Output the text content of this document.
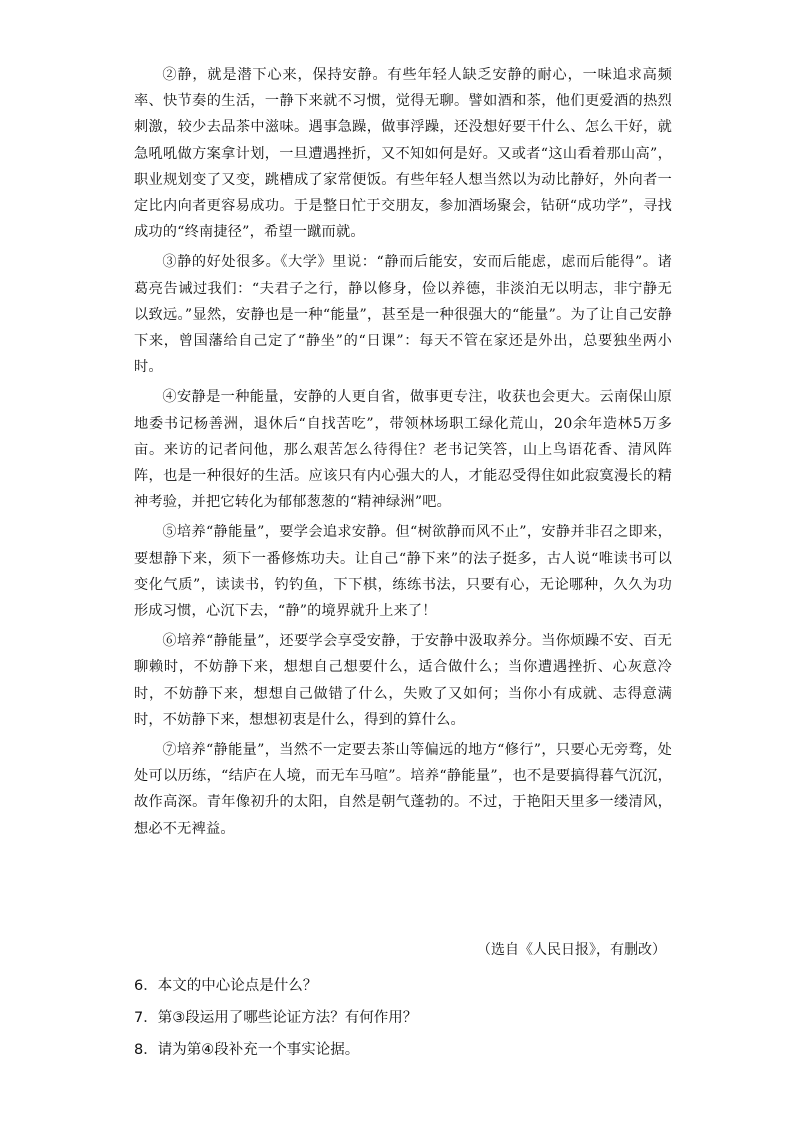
②静，就是潜下心来，保持安静。有些年轻人缺乏安静的耐心，一味追求高频率、快节奏的生活，一静下来就不习惯，觉得无聊。譬如酒和茶，他们更爱酒的热烈刺激，较少去品茶中滋味。遇事急躁，做事浮躁，还没想好要干什么、怎么干好，就急吼吼做方案拿计划，一旦遭遇挫折，又不知如何是好。又或者“这山看着那山高”，职业规划变了又变，跳槽成了家常便饭。有些年轻人想当然以为动比静好，外向者一定比内向者更容易成功。于是整日忙于交朋友，参加酒场聚会，钻研“成功学”，寻找成功的“终南捷径”，希望一蹴而就。

③静的好处很多。《大学》里说：“静而后能安，安而后能虑，虑而后能得”。诸葛亮告诫过我们：“夫君子之行，静以修身，俭以养德，非淡泊无以明志，非宁静无以致远。”显然，安静也是一种“能量”，甚至是一种很强大的“能量”。为了让自己安静下来，曾国藩给自己定了“静坐”的“日课”：每天不管在家还是外出，总要独坐两小时。

④安静是一种能量，安静的人更自省，做事更专注，收获也会更大。云南保山原地委书记杨善洲，退休后“自找苦吃”，带领林场职工绿化荒山，20余年造林5万多亩。来访的记者问他，那么艰苦怎么待得住？老书记笑答，山上鸟语花香、清风阵阵，也是一种很好的生活。应该只有内心强大的人，才能忍受得住如此寂寞漫长的精神考验，并把它转化为郁郁葱葱的“精神绿洲”吧。

⑤培养“静能量”，要学会追求安静。但“树欲静而风不止”，安静并非召之即来，要想静下来，须下一番修炼功夫。让自己“静下来”的法子挺多，古人说“唯读书可以变化气质”，读读书，钓钓鱼，下下棋，练练书法，只要有心，无论哪种，久久为功形成习惯，心沉下去，“静”的境界就升上来了！

⑥培养“静能量”，还要学会享受安静，于安静中汲取养分。当你烦躁不安、百无聊赖时，不妨静下来，想想自己想要什么，适合做什么；当你遭遇挫折、心灰意冷时，不妨静下来，想想自己做错了什么，失败了又如何；当你小有成就、志得意满时，不妨静下来，想想初衷是什么，得到的算什么。

⑦培养“静能量”，当然不一定要去茶山等偏远的地方“修行”，只要心无旁骛，处处可以历练，“结庐在人境，而无车马喧”。培养“静能量”，也不是要搞得暮气沉沉，故作高深。青年像初升的太阳，自然是朝气蓬勃的。不过，于艳阳天里多一缕清风，想必不无裨益。

（选自《人民日报》，有删改）

6．本文的中心论点是什么？

7．第③段运用了哪些论证方法？有何作用？

8．请为第④段补充一个事实论据。
